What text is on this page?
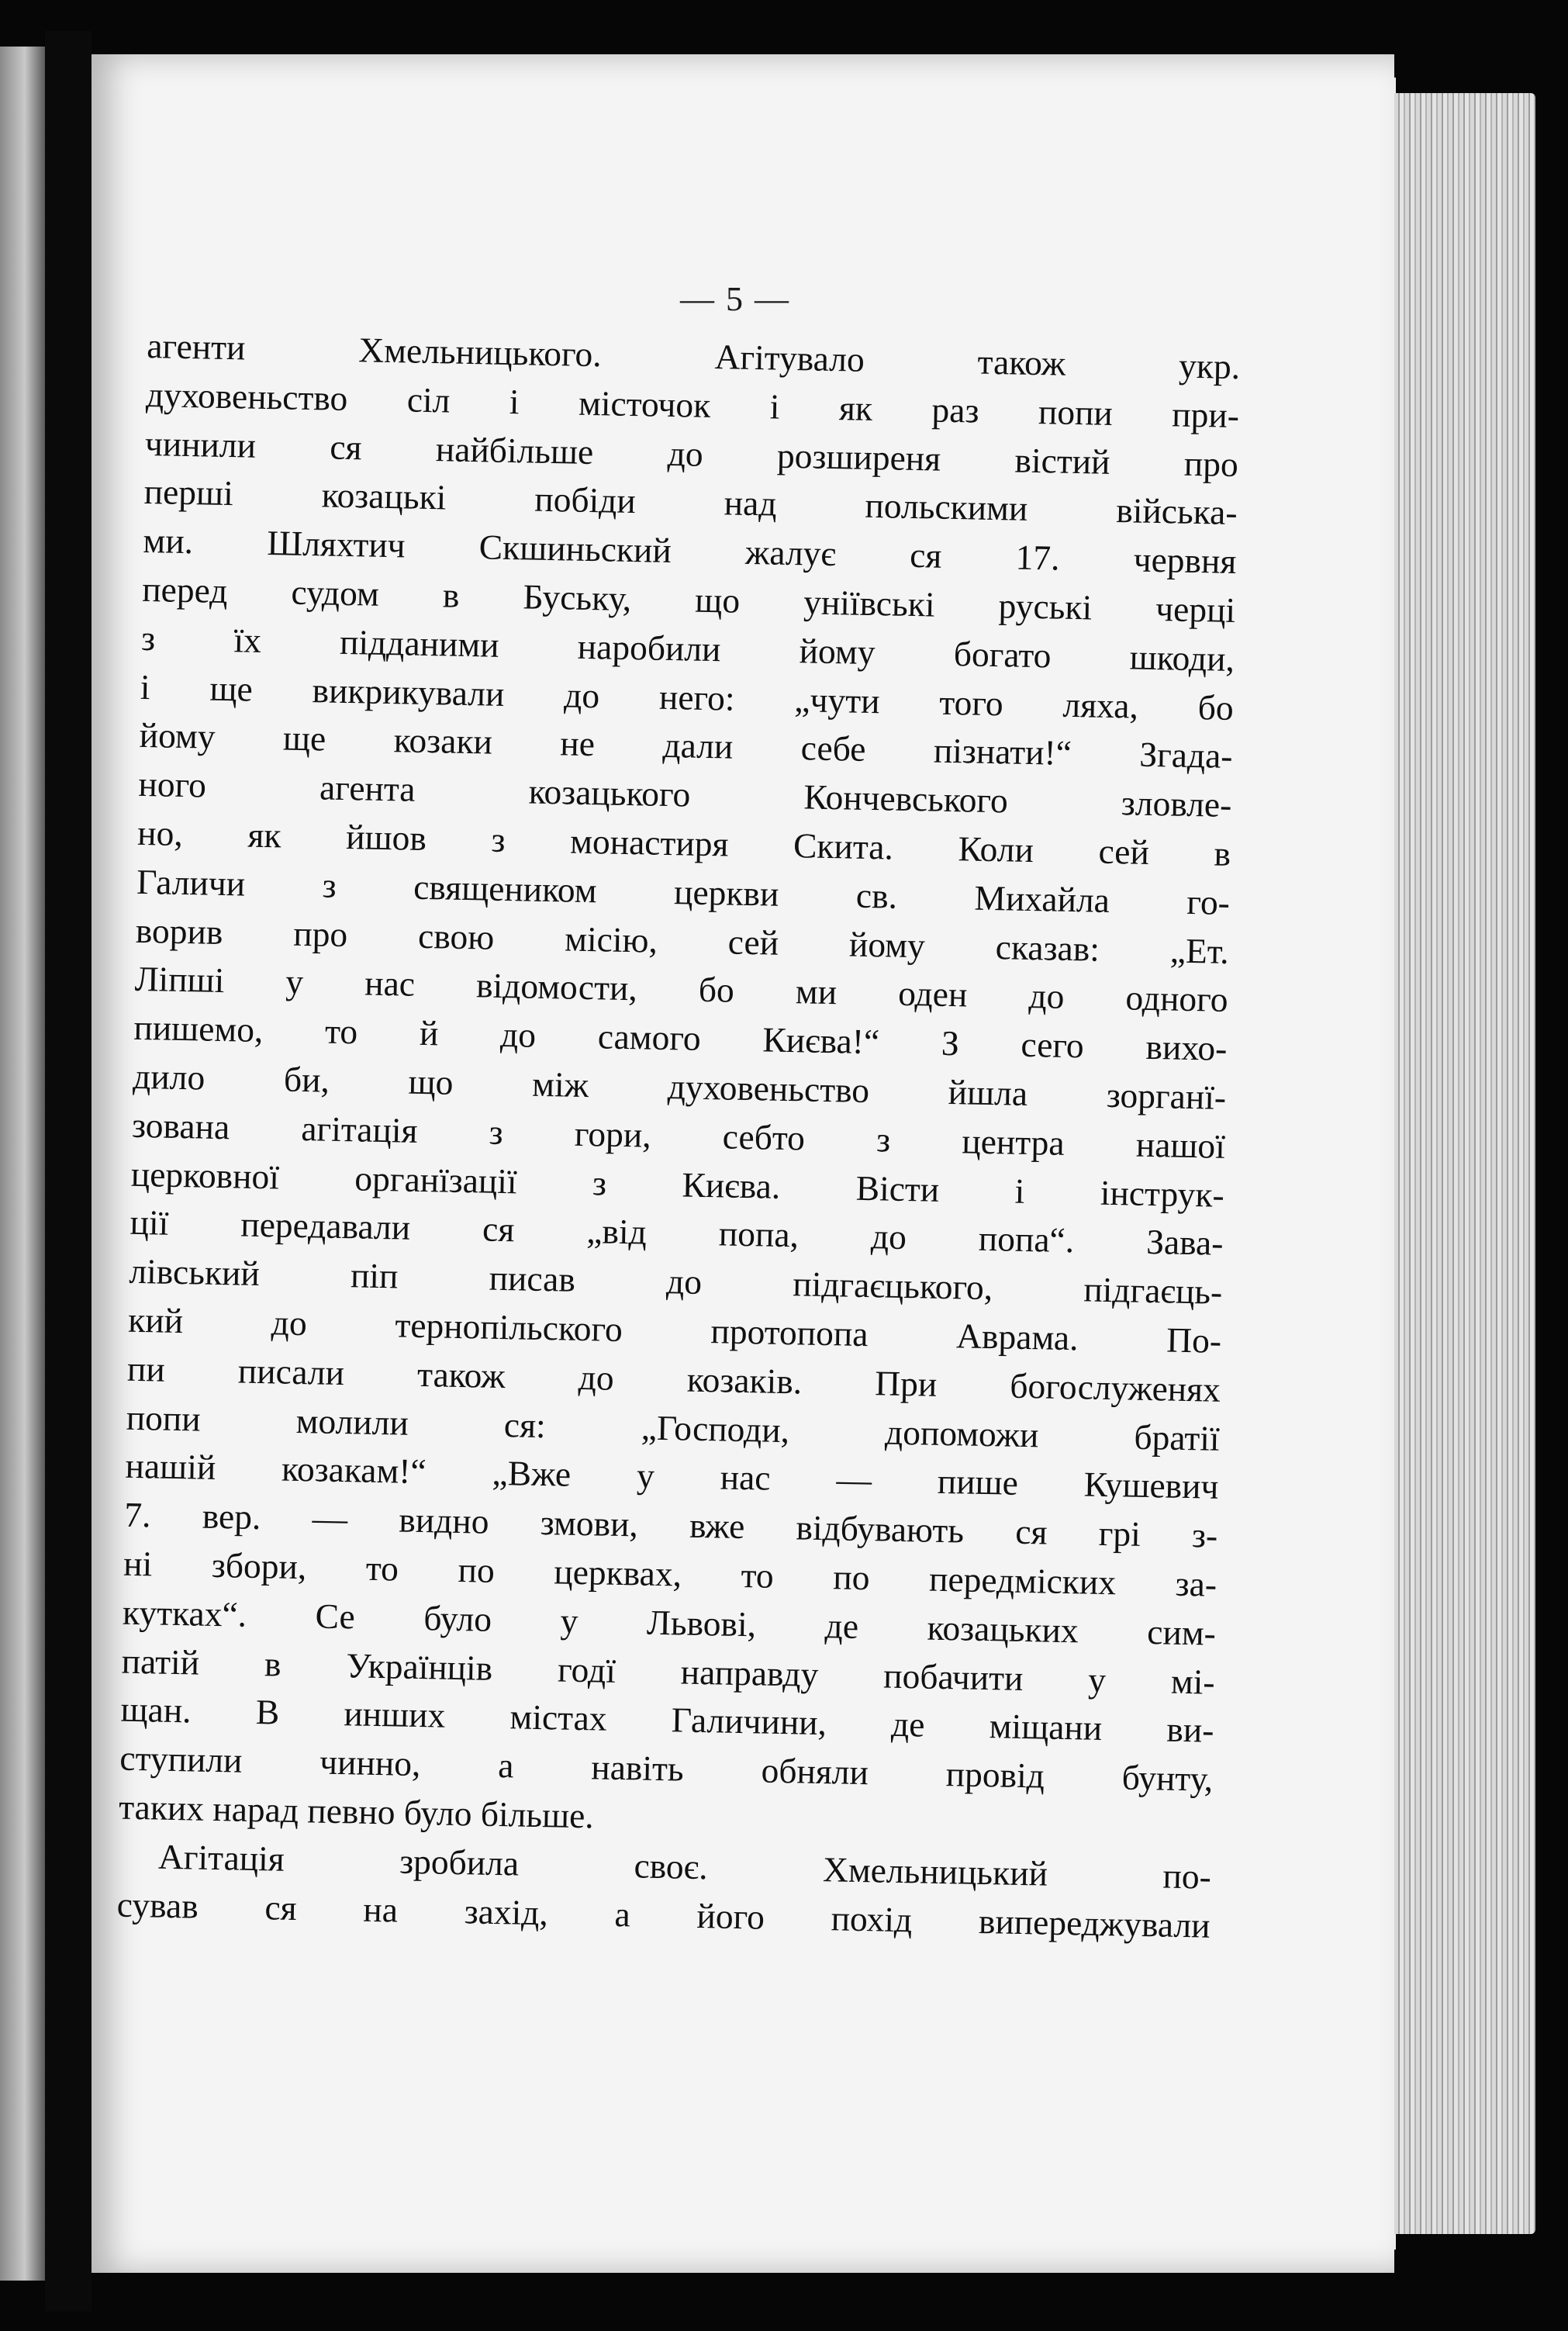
— 5 —
агенти Хмельницького. Агітувало також укр.
духовеньство сіл і місточок і як раз попи при-
чинили ся найбільше до розширеня вістий про
перші козацькі побіди над польскими війська-
ми. Шляхтич Скшиньский жалує ся 17. червня
перед судом в Буську, що уніївські руські черці
з їх підданими наробили йому богато шкоди,
і ще викрикували до него: „чути того ляха, бо
йому ще козаки не дали себе пізнати!“ Згада-
ного агента козацького Кончевського зловле-
но, як йшов з монастиря Скита. Коли сей в
Галичи з священиком церкви св. Михайла го-
ворив про свою місію, сей йому сказав: „Ет.
Ліпші у нас відомости, бо ми оден до одного
пишемо, то й до самого Києва!“ З сего вихо-
дило би, що між духовеньство йшла зорганї-
зована агітація з гори, себто з центра нашої
церковної органїзації з Києва. Вісти і інструк-
ції передавали ся „від попа, до попа“. Зава-
лівський піп писав до підгаєцького, підгаєць-
кий до тернопільского протопопа Аврама. По-
пи писали також до козаків. При богослуженях
попи молили ся: „Господи, допоможи братії
нашій козакам!“ „Вже у нас — пише Кушевич
7. вер. — видно змови, вже відбувають ся грі з-
ні збори, то по церквах, то по передміских за-
кутках“. Се було у Львові, де козацьких сим-
патій в Українців годї направду побачити у мі-
щан. В инших містах Галичини, де міщани ви-
ступили чинно, а навіть обняли провід бунту,
таких нарад певно було більше.
Агітація зробила своє. Хмельницький по-
сував ся на захід, а його похід випереджували
